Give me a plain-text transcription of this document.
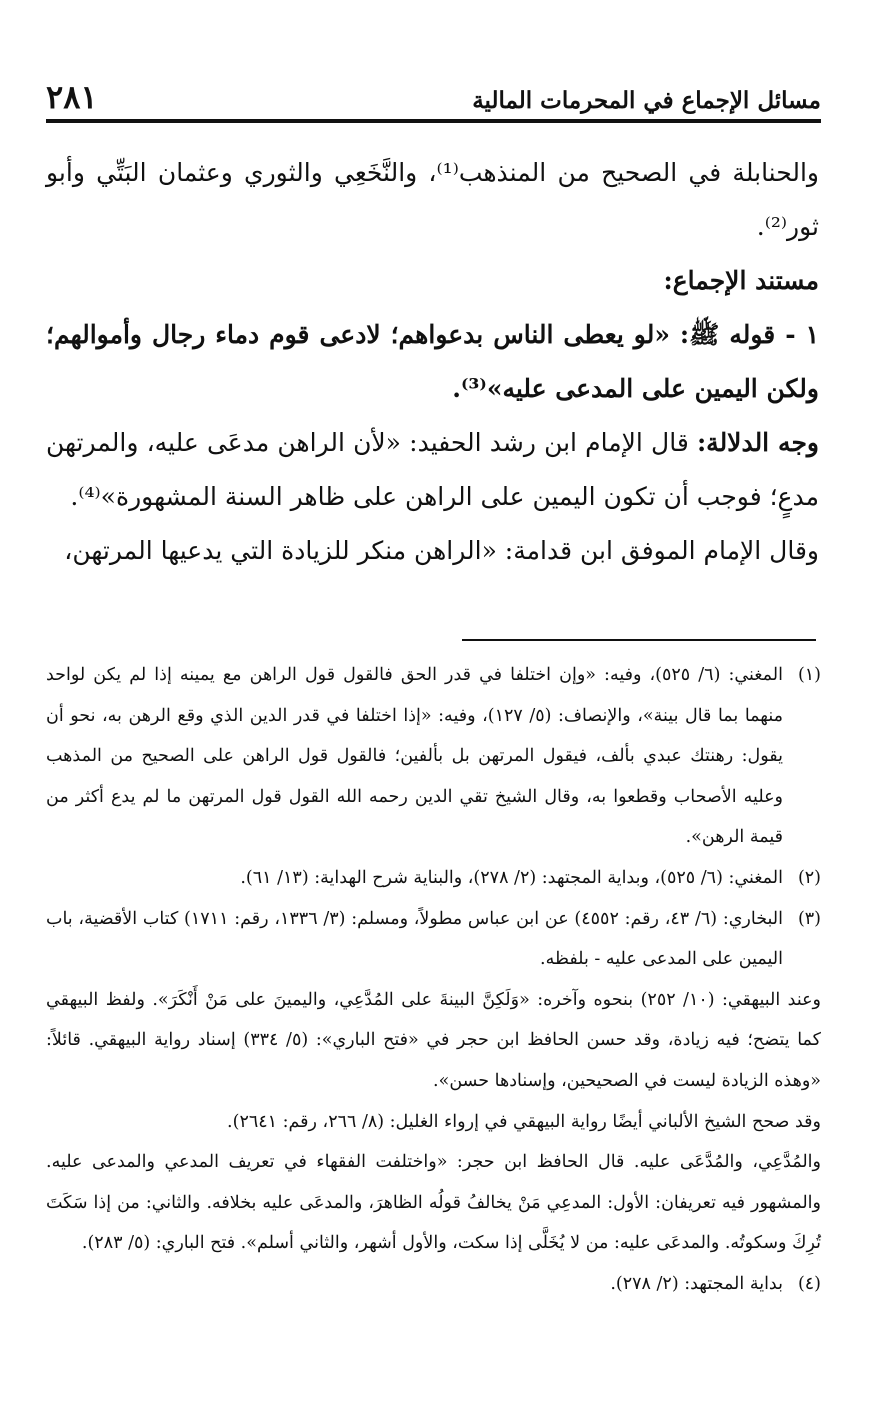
مسائل الإجماع في المحرمات المالية
٢٨١

والحنابلة في الصحيح من المنذهب⁽¹⁾، والنَّخَعِي والثوري وعثمان البَتِّي وأبو ثور⁽²⁾.

مستند الإجماع:

١ - قوله ﷺ: «لو يعطى الناس بدعواهم؛ لادعى قوم دماء رجال وأموالهم؛ ولكن اليمين على المدعى عليه»⁽³⁾.

وجه الدلالة: قال الإمام ابن رشد الحفيد: «لأن الراهن مدعَى عليه، والمرتهن مدعٍ؛ فوجب أن تكون اليمين على الراهن على ظاهر السنة المشهورة»⁽⁴⁾.

وقال الإمام الموفق ابن قدامة: «الراهن منكر للزيادة التي يدعيها المرتهن،

(١)
المغني: (٦/ ٥٢٥)، وفيه: «وإن اختلفا في قدر الحق فالقول قول الراهن مع يمينه إذا لم يكن لواحد منهما بما قال بينة»، والإنصاف: (٥/ ١٢٧)، وفيه: «إذا اختلفا في قدر الدين الذي وقع الرهن به، نحو أن يقول: رهنتك عبدي بألف، فيقول المرتهن بل بألفين؛ فالقول قول الراهن على الصحيح من المذهب وعليه الأصحاب وقطعوا به، وقال الشيخ تقي الدين رحمه الله القول قول المرتهن ما لم يدع أكثر من قيمة الرهن».
(٢)
المغني: (٦/ ٥٢٥)، وبداية المجتهد: (٢/ ٢٧٨)، والبناية شرح الهداية: (١٣/ ٦١).
(٣)
البخاري: (٦/ ٤٣، رقم: ٤٥٥٢) عن ابن عباس مطولاً، ومسلم: (٣/ ١٣٣٦، رقم: ١٧١١) كتاب الأقضية، باب اليمين على المدعى عليه - بلفظه.

وعند البيهقي: (١٠/ ٢٥٢) بنحوه وآخره: «وَلَكِنَّ البينةَ على المُدَّعِي، واليمينَ على مَنْ أَنْكَرَ». ولفظ البيهقي كما يتضح؛ فيه زيادة، وقد حسن الحافظ ابن حجر في «فتح الباري»: (٥/ ٣٣٤) إسناد رواية البيهقي. قائلاً: «وهذه الزيادة ليست في الصحيحين، وإسنادها حسن».

وقد صحح الشيخ الألباني أيضًا رواية البيهقي في إرواء الغليل: (٨/ ٢٦٦، رقم: ٢٦٤١).

والمُدَّعِي، والمُدَّعَى عليه. قال الحافظ ابن حجر: «واختلفت الفقهاء في تعريف المدعي والمدعى عليه. والمشهور فيه تعريفان: الأول: المدعِي مَنْ يخالفُ قولُه الظاهرَ، والمدعَى عليه بخلافه. والثاني: من إذا سَكَتَ تُرِكَ وسكوتُه. والمدعَى عليه: من لا يُخَلَّى إذا سكت، والأول أشهر، والثاني أسلم». فتح الباري: (٥/ ٢٨٣).

(٤)
بداية المجتهد: (٢/ ٢٧٨).
